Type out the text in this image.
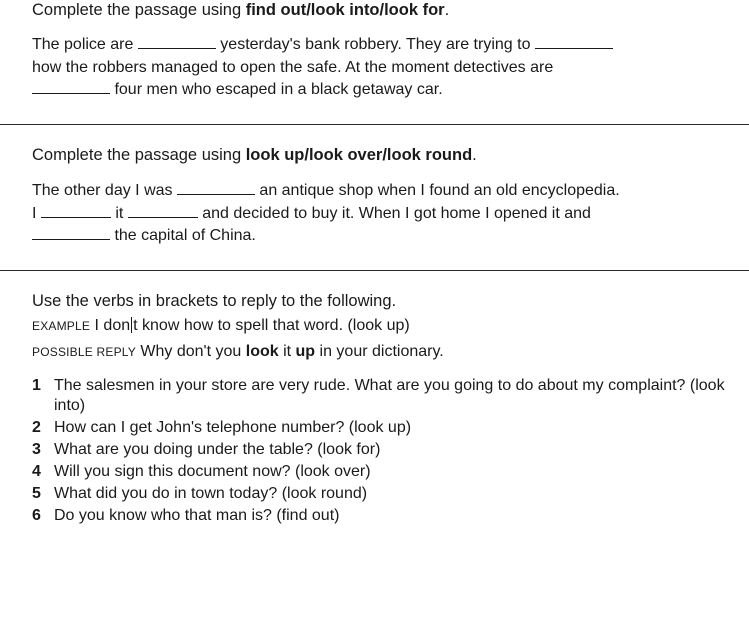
Complete the passage using find out/look into/look for.

The police are	yesterday's bank robbery. They are trying to
how the robbers managed to open the safe. At the moment detectives are
four men who escaped in a black getaway car.

Complete the passage using look up/look over/look round.

The other day I was	an antique shop when I found an old encyclopedia.
I	it	and decided to buy it. When I got home I opened it and
the capital of China.

Use the verbs in brackets to reply to the following.

EXAMPLE I don t know how to spell that word. (look up)
POSSIBLE REPLY Why don't you look it up in your dictionary.
1 The salesmen in your store are very rude. What are you going to do about my complaint? (look into)
2 How can I get John's telephone number? (look up)
3 What are you doing under the table? (look for)
4 Will you sign this document now? (look over)
5 What did you do in town today? (look round)
6 Do you know who that man is? (find out)
